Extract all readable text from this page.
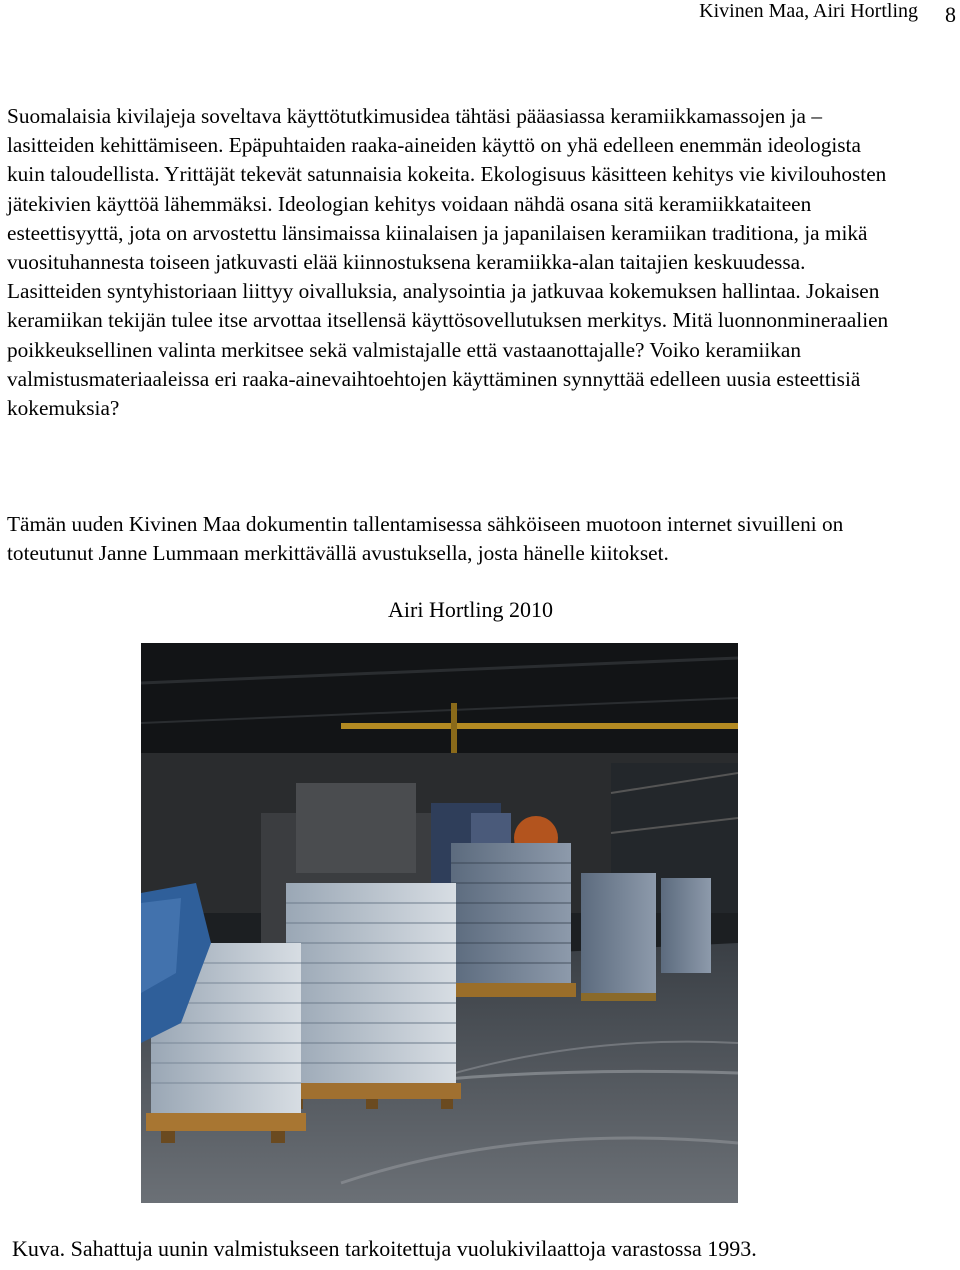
Kivinen Maa, Airi Hortling 8

Suomalaisia kivilajeja soveltava käyttötutkimusidea tähtäsi pääasiassa keramiikkamassojen ja – lasitteiden kehittämiseen. Epäpuhtaiden raaka-aineiden käyttö on yhä edelleen enemmän ideologista kuin taloudellista. Yrittäjät tekevät satunnaisia kokeita. Ekologisuus käsitteen kehitys vie kivilouhosten jätekivien käyttöä lähemmäksi. Ideologian kehitys voidaan nähdä osana sitä keramiikkataiteen esteettisyyttä, jota on arvostettu länsimaissa kiinalaisen ja japanilaisen keramiikan traditiona, ja mikä vuosituhannesta toiseen jatkuvasti elää kiinnostuksena keramiikka-alan taitajien keskuudessa. Lasitteiden syntyhistoriaan liittyy oivalluksia, analysointia ja jatkuvaa kokemuksen hallintaa. Jokaisen keramiikan tekijän tulee itse arvottaa itsellensä käyttösovellutuksen merkitys. Mitä luonnonmineraalien poikkeuksellinen valinta merkitsee sekä valmistajalle että vastaanottajalle? Voiko keramiikan valmistusmateriaaleissa eri raaka-ainevaihtoehtojen käyttäminen synnyttää edelleen uusia esteettisiä kokemuksia?

Tämän uuden Kivinen Maa dokumentin tallentamisessa sähköiseen muotoon internet sivuilleni on toteutunut Janne Lummaan merkittävällä avustuksella, josta hänelle kiitokset.

Airi Hortling 2010
Kuva. Sahattuja uunin valmistukseen tarkoitettuja vuolukivilaattoja varastossa 1993.
